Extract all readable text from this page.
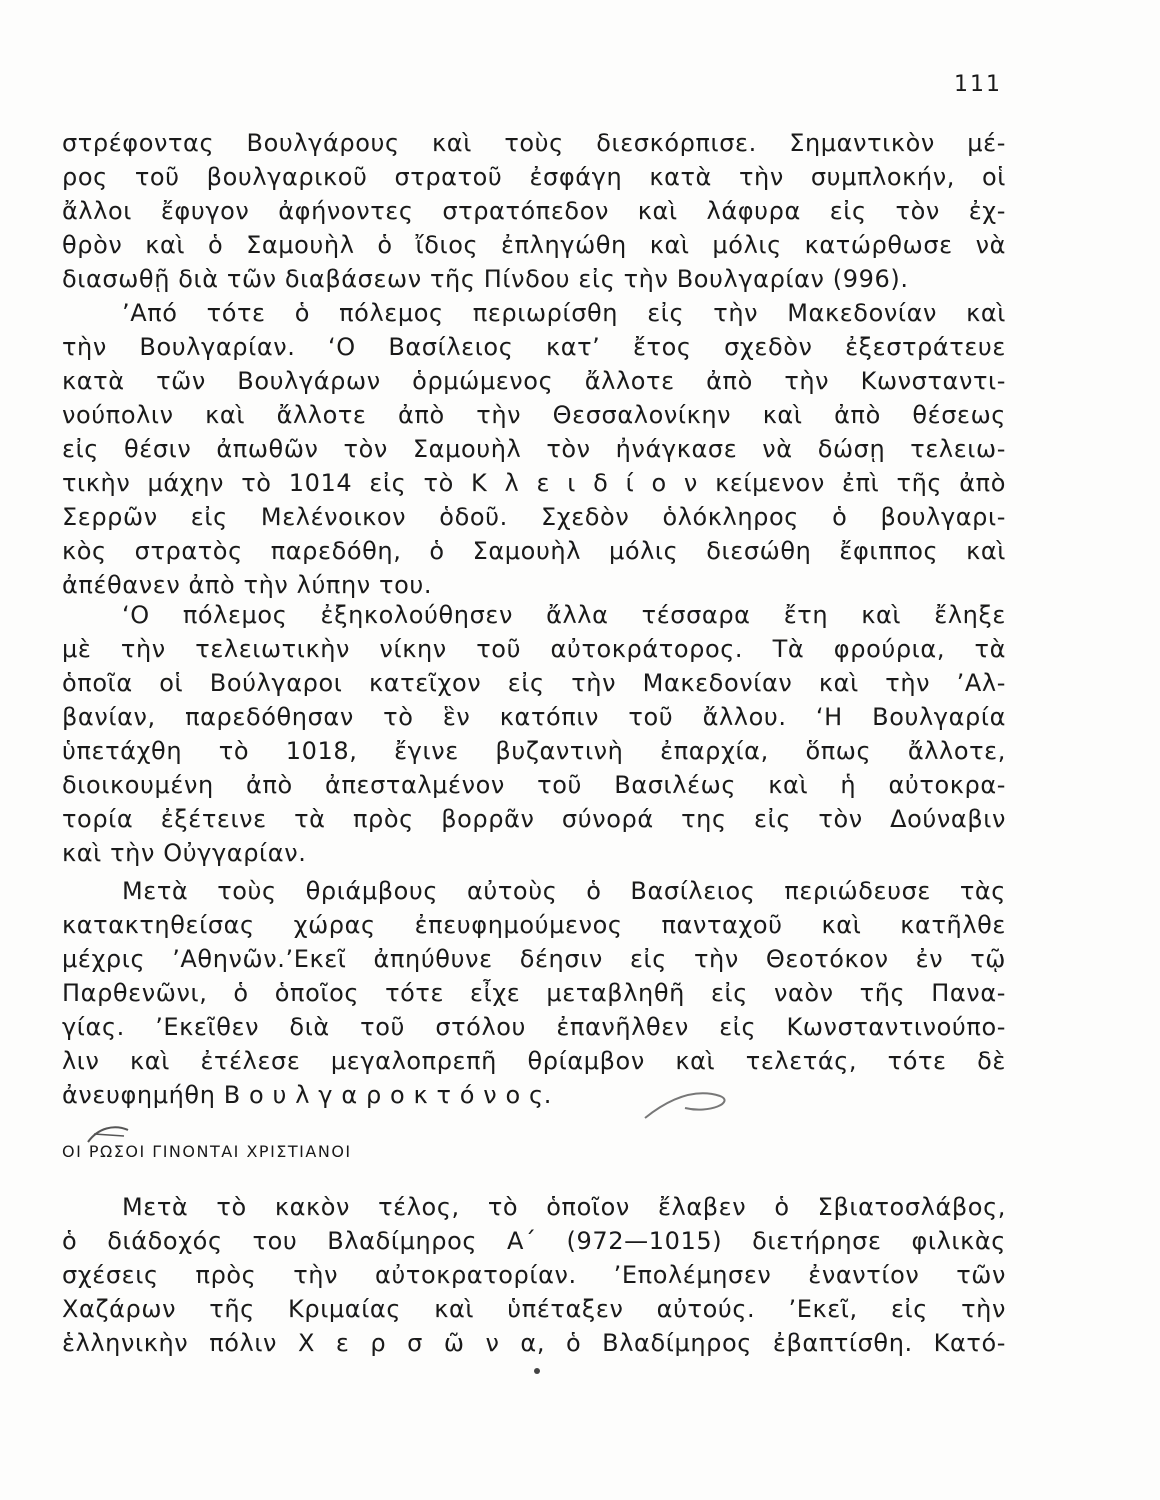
111
στρέφοντας Βουλγάρους καὶ τοὺς διεσκόρπισε. Σημαντικὸν μέ-
ρος τοῦ βουλγαρικοῦ στρατοῦ ἐσφάγη κατὰ τὴν συμπλοκήν, οἱ
ἄλλοι ἔφυγον ἀφήνοντες στρατόπεδον καὶ λάφυρα εἰς τὸν ἐχ-
θρὸν καὶ ὁ Σαμουὴλ ὁ ἴδιος ἐπληγώθη καὶ μόλις κατώρθωσε νὰ
διασωθῇ διὰ τῶν διαβάσεων τῆς Πίνδου εἰς τὴν Βουλγαρίαν (996).
’Από τότε ὁ πόλεμος περιωρίσθη εἰς τὴν Μακεδονίαν καὶ
τὴν Βουλγαρίαν. ‘Ο Βασίλειος κατ’ ἔτος σχεδὸν ἐξεστράτευε
κατὰ τῶν Βουλγάρων ὁρμώμενος ἄλλοτε ἀπὸ τὴν Κωνσταντι-
νούπολιν καὶ ἄλλοτε ἀπὸ τὴν Θεσσαλονίκην καὶ ἀπὸ θέσεως
εἰς θέσιν ἀπωθῶν τὸν Σαμουὴλ τὸν ἠνάγκασε νὰ δώσῃ τελειω-
τικὴν μάχην τὸ 1014 εἰς τὸ Κ λ ε ι δ ί ο ν κείμενον ἐπὶ τῆς ἀπὸ
Σερρῶν εἰς Μελένοικον ὁδοῦ. Σχεδὸν ὁλόκληρος ὁ βουλγαρι-
κὸς στρατὸς παρεδόθη, ὁ Σαμουὴλ μόλις διεσώθη ἔφιππος καὶ
ἀπέθανεν ἀπὸ τὴν λύπην του.
‘Ο πόλεμος ἐξηκολούθησεν ἄλλα τέσσαρα ἔτη καὶ ἔληξε
μὲ τὴν τελειωτικὴν νίκην τοῦ αὐτοκράτορος. Τὰ φρούρια, τὰ
ὁποῖα οἱ Βούλγαροι κατεῖχον εἰς τὴν Μακεδονίαν καὶ τὴν ’Αλ-
βανίαν, παρεδόθησαν τὸ ἓν κατόπιν τοῦ ἄλλου. ‘Η Βουλγαρία
ὑπετάχθη τὸ 1018, ἔγινε βυζαντινὴ ἐπαρχία, ὅπως ἄλλοτε,
διοικουμένη ἀπὸ ἀπεσταλμένον τοῦ Βασιλέως καὶ ἡ αὐτοκρα-
τορία ἐξέτεινε τὰ πρὸς βορρᾶν σύνορά της εἰς τὸν Δούναβιν
καὶ τὴν Οὐγγαρίαν.
Μετὰ τοὺς θριάμβους αὐτοὺς ὁ Βασίλειος περιώδευσε τὰς
κατακτηθείσας χώρας ἐπευφημούμενος πανταχοῦ καὶ κατῆλθε
μέχρις ’Αθηνῶν.’Εκεῖ ἀπηύθυνε δέησιν εἰς τὴν Θεοτόκον ἐν τῷ
Παρθενῶνι, ὁ ὁποῖος τότε εἶχε μεταβληθῆ εἰς ναὸν τῆς Πανα-
γίας. ’Εκεῖθεν διὰ τοῦ στόλου ἐπανῆλθεν εἰς Κωνσταντινούπο-
λιν καὶ ἐτέλεσε μεγαλοπρεπῆ θρίαμβον καὶ τελετάς, τότε δὲ
ἀνευφημήθη Β ο υ λ γ α ρ ο κ τ ό ν ο ς.
ΟΙ ΡΩΣΟΙ ΓΙΝΟΝΤΑΙ ΧΡΙΣΤΙΑΝΟΙ
Μετὰ τὸ κακὸν τέλος, τὸ ὁποῖον ἔλαβεν ὁ Σβιατοσλάβος,
ὁ διάδοχός του Βλαδίμηρος Α΄ (972—1015) διετήρησε φιλικὰς
σχέσεις πρὸς τὴν αὐτοκρατορίαν. ’Επολέμησεν ἐναντίον τῶν
Χαζάρων τῆς Κριμαίας καὶ ὑπέταξεν αὐτούς. ’Εκεῖ, εἰς τὴν
ἑλληνικὴν πόλιν Χ ε ρ σ ῶ ν α, ὁ Βλαδίμηρος ἐβαπτίσθη. Κατό-
